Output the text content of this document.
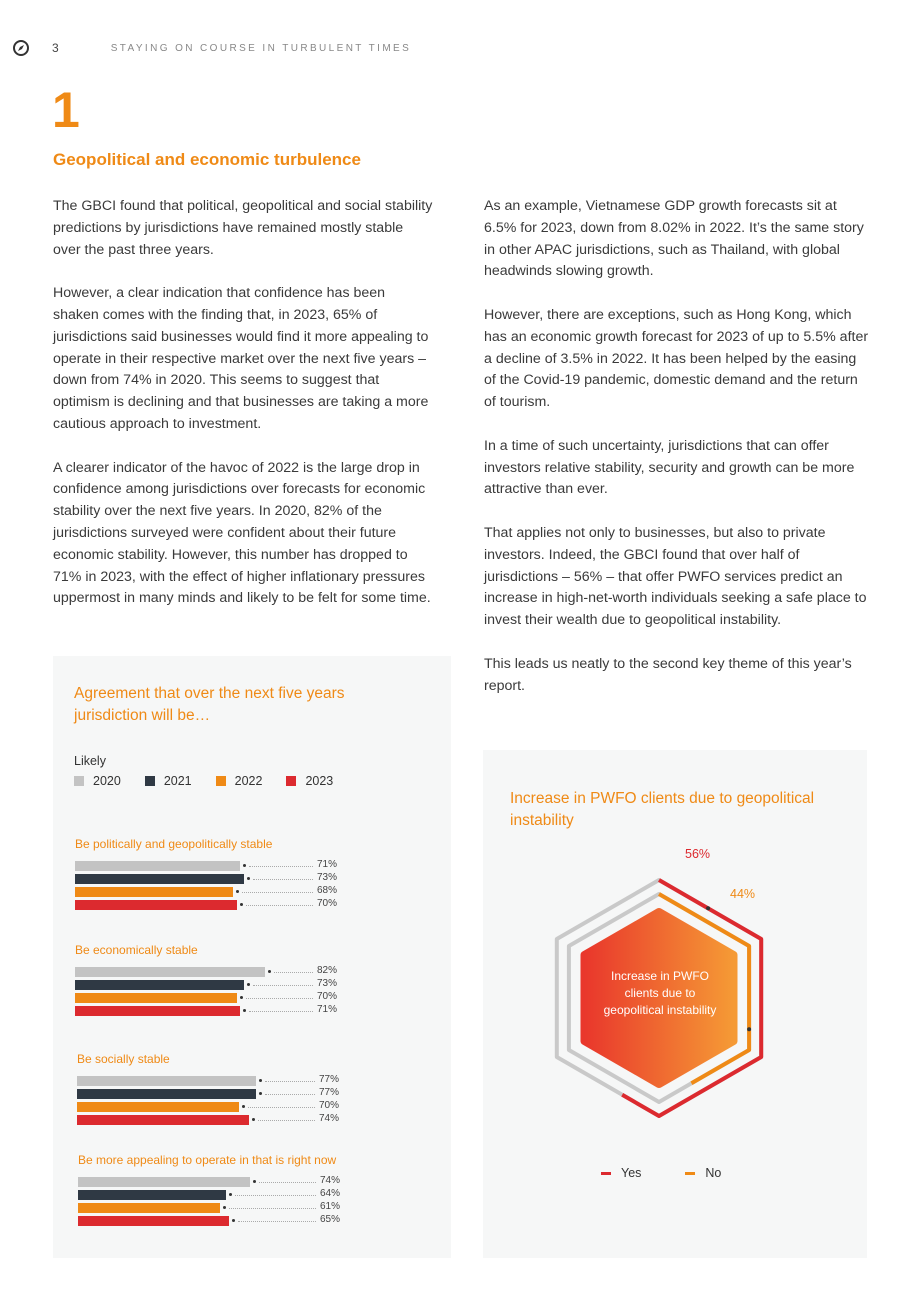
3	STAYING ON COURSE IN TURBULENT TIMES
1
Geopolitical and economic turbulence

The GBCI found that political, geopolitical and social stability predictions by jurisdictions have remained mostly stable over the past three years.

However, a clear indication that confidence has been shaken comes with the finding that, in 2023, 65% of jurisdictions said businesses would find it more appealing to operate in their respective market over the next five years – down from 74% in 2020. This seems to suggest that optimism is declining and that businesses are taking a more cautious approach to investment.

A clearer indicator of the havoc of 2022 is the large drop in confidence among jurisdictions over forecasts for economic stability over the next five years. In 2020, 82% of the jurisdictions surveyed were confident about their future economic stability. However, this number has dropped to 71% in 2023, with the effect of higher inflationary pressures uppermost in many minds and likely to be felt for some time.

As an example, Vietnamese GDP growth forecasts sit at 6.5% for 2023, down from 8.02% in 2022. It’s the same story in other APAC jurisdictions, such as Thailand, with global headwinds slowing growth.

However, there are exceptions, such as Hong Kong, which has an economic growth forecast for 2023 of up to 5.5% after a decline of 3.5% in 2022. It has been helped by the easing of the Covid-19 pandemic, domestic demand and the return of tourism.

In a time of such uncertainty, jurisdictions that can offer investors relative stability, security and growth can be more attractive than ever.

That applies not only to businesses, but also to private investors. Indeed, the GBCI found that over half of jurisdictions – 56% – that offer PWFO services predict an increase in high-net-worth individuals seeking a safe place to invest their wealth due to geopolitical instability.

This leads us neatly to the second key theme of this year’s report.

Agreement that over the next five years jurisdiction will be…
Likely
2020	2021	2022	2023
Be politically and geopolitically stable
71%
73%
68%
70%
Be economically stable
82%
73%
70%
71%
Be socially stable
77%
77%
70%
74%
Be more appealing to operate in that is right now
74%
64%
61%
65%
Increase in PWFO clients due to geopolitical instability
56%
44%
Increase in PWFO clients due to geopolitical instability
Yes	No
